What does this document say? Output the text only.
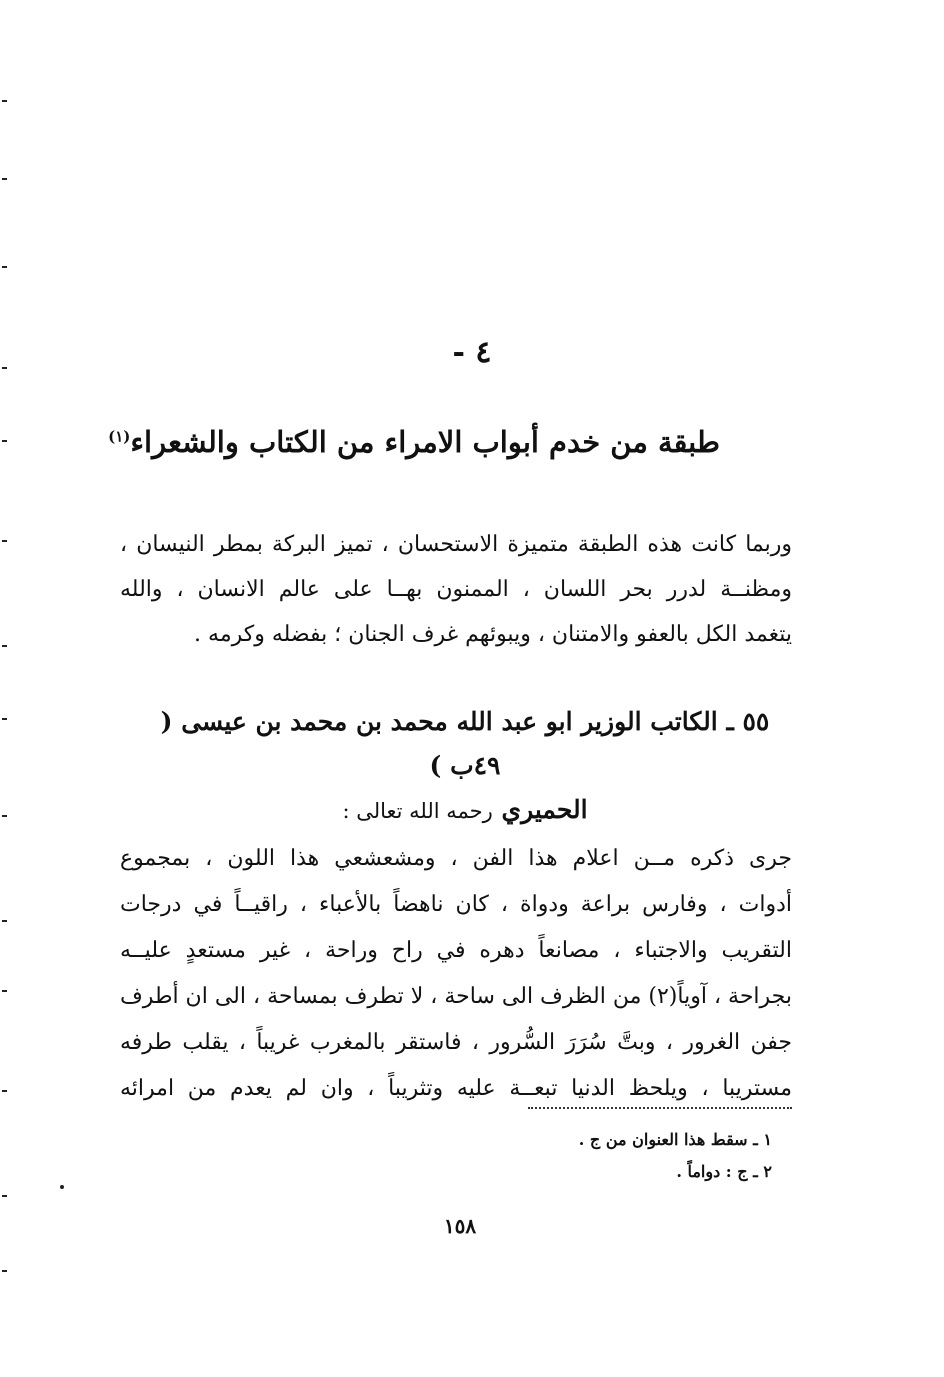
٤ -
طبقة من خدم أبواب الامراء من الكتاب والشعراء$^{(١)}$
وربما كانت هذه الطبقة متميزة الاستحسان ، تميز البركة بمطر النيسان ،
ومظنــة لدرر بحر اللسان ، الممنون بهــا على عالم الانسان ، والله
يتغمد الكل بالعفو والامتنان ، ويبوئهم غرف الجنان ؛ بفضله وكرمه .
٥٥ ـ الكاتب الوزير ابو عبد الله محمد بن محمد بن عيسى ( ٤٩ب )
الحميري رحمه الله تعالى :
جرى ذكره مــن اعلام هذا الفن ، ومشعشعي هذا اللون ، بمجموع
أدوات ، وفارس براعة ودواة ، كان ناهضاً بالأعباء ، راقيــاً في درجات
التقريب والاجتباء ، مصانعاً دهره في راح وراحة ، غير مستعدٍ عليــه
بجراحة ، آوياً(٢) من الظرف الى ساحة ، لا تطرف بمساحة ، الى ان أطرف
جفن الغرور ، وبتَّ سُرَرَ السُّرور ، فاستقر بالمغرب غريباً ، يقلب طرفه
مستريبا ، ويلحظ الدنيا تبعــة عليه وتثريباً ، وان لم يعدم من امرائه
١ ـ سقط هذا العنوان من ج .
٢ ـ ج : دواماً .
١٥٨
